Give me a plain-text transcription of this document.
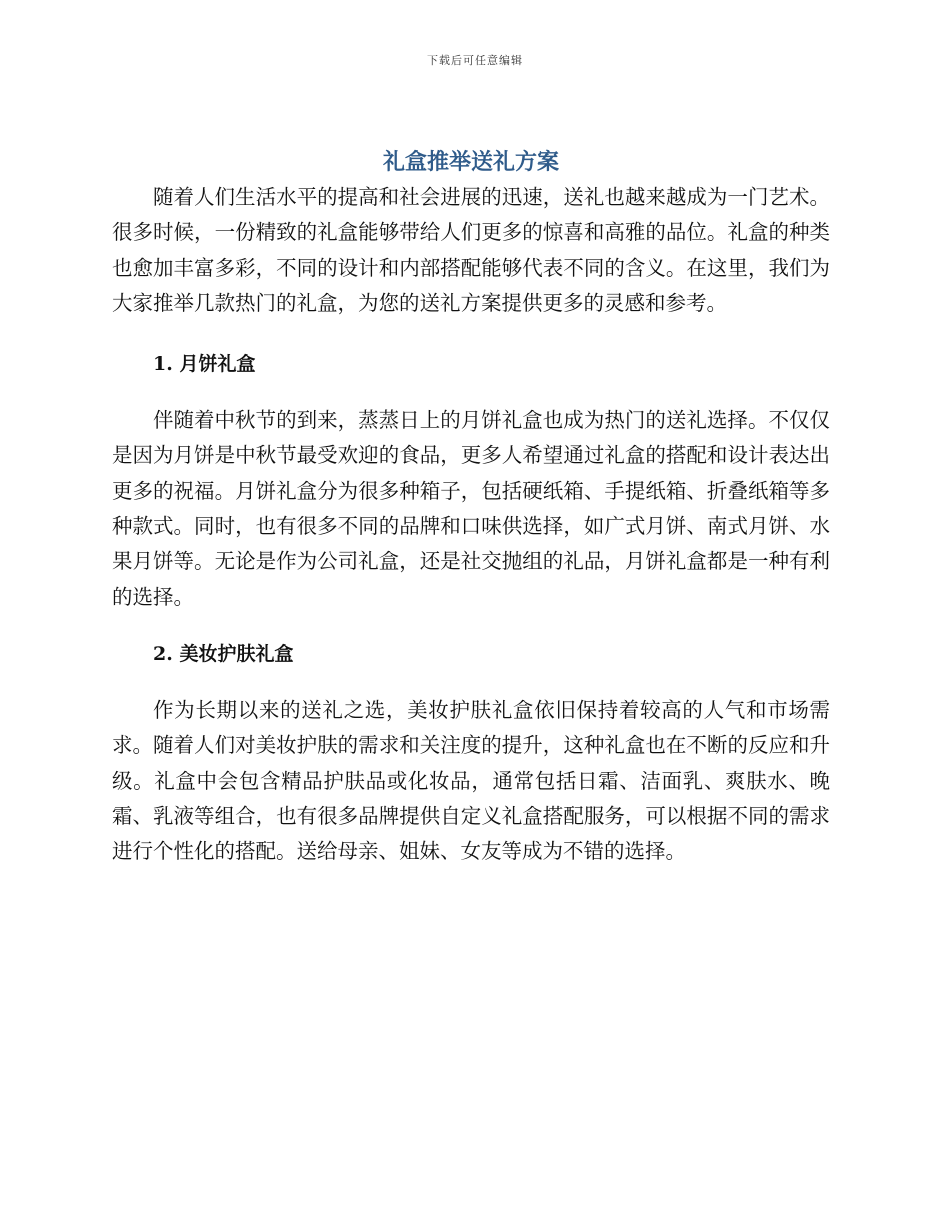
下载后可任意编辑
礼盒推举送礼方案

随着人们生活水平的提高和社会进展的迅速，送礼也越来越成为一门艺术。很多时候，一份精致的礼盒能够带给人们更多的惊喜和高雅的品位。礼盒的种类也愈加丰富多彩，不同的设计和内部搭配能够代表不同的含义。在这里，我们为大家推举几款热门的礼盒，为您的送礼方案提供更多的灵感和参考。

1. 月饼礼盒

伴随着中秋节的到来，蒸蒸日上的月饼礼盒也成为热门的送礼选择。不仅仅是因为月饼是中秋节最受欢迎的食品，更多人希望通过礼盒的搭配和设计表达出更多的祝福。月饼礼盒分为很多种箱子，包括硬纸箱、手提纸箱、折叠纸箱等多种款式。同时，也有很多不同的品牌和口味供选择，如广式月饼、南式月饼、水果月饼等。无论是作为公司礼盒，还是社交抛组的礼品，月饼礼盒都是一种有利的选择。

2. 美妆护肤礼盒

作为长期以来的送礼之选，美妆护肤礼盒依旧保持着较高的人气和市场需求。随着人们对美妆护肤的需求和关注度的提升，这种礼盒也在不断的反应和升级。礼盒中会包含精品护肤品或化妆品，通常包括日霜、洁面乳、爽肤水、晚霜、乳液等组合，也有很多品牌提供自定义礼盒搭配服务，可以根据不同的需求进行个性化的搭配。送给母亲、姐妹、女友等成为不错的选择。
